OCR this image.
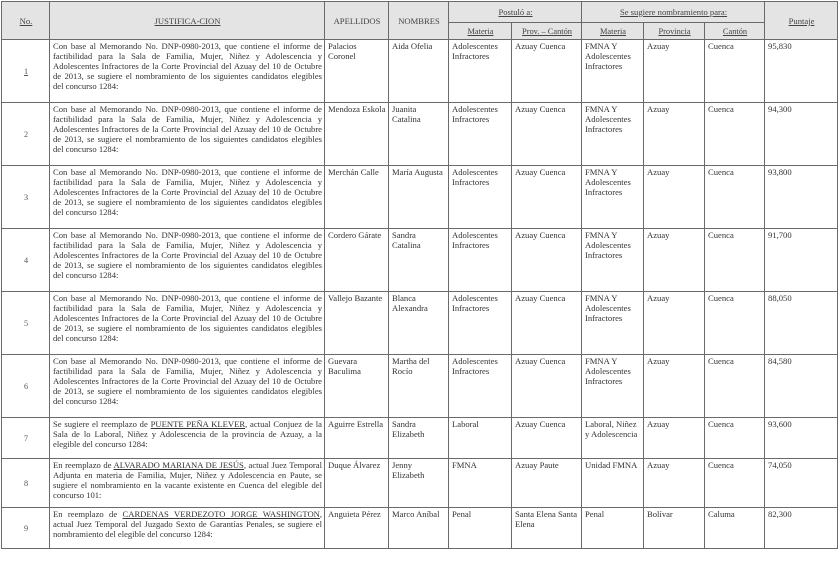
No.	JUSTIFICA-CION	APELLIDOS	NOMBRES	Postuló a:		Se sugiere nombramiento para:			Puntaje
				Materia	Prov. – Cantón	Materia	Provincia	Cantón	
1	Con base al Memorando No. DNP-0980-2013, que contiene el informe de factibilidad para la Sala de Familia, Mujer, Niñez y Adolescencia y Adolescentes Infractores de la Corte Provincial del Azuay del 10 de Octubre de 2013, se sugiere el nombramiento de los siguientes candidatos elegibles del concurso 1284:	Palacios Coronel	Aida Ofelia	Adolescentes Infractores	Azuay Cuenca	FMNA Y Adolescentes Infractores	Azuay	Cuenca	95,830
2	Con base al Memorando No. DNP-0980-2013, que contiene el informe de factibilidad para la Sala de Familia, Mujer, Niñez y Adolescencia y Adolescentes Infractores de la Corte Provincial del Azuay del 10 de Octubre de 2013, se sugiere el nombramiento de los siguientes candidatos elegibles del concurso 1284:	Mendoza Eskola	Juanita Catalina	Adolescentes Infractores	Azuay Cuenca	FMNA Y Adolescentes Infractores	Azuay	Cuenca	94,300
3	Con base al Memorando No. DNP-0980-2013, que contiene el informe de factibilidad para la Sala de Familia, Mujer, Niñez y Adolescencia y Adolescentes Infractores de la Corte Provincial del Azuay del 10 de Octubre de 2013, se sugiere el nombramiento de los siguientes candidatos elegibles del concurso 1284:	Merchán Calle	María Augusta	Adolescentes Infractores	Azuay Cuenca	FMNA Y Adolescentes Infractores	Azuay	Cuenca	93,800
4	Con base al Memorando No. DNP-0980-2013, que contiene el informe de factibilidad para la Sala de Familia, Mujer, Niñez y Adolescencia y Adolescentes Infractores de la Corte Provincial del Azuay del 10 de Octubre de 2013, se sugiere el nombramiento de los siguientes candidatos elegibles del concurso 1284:	Cordero Gárate	Sandra Catalina	Adolescentes Infractores	Azuay Cuenca	FMNA Y Adolescentes Infractores	Azuay	Cuenca	91,700
5	Con base al Memorando No. DNP-0980-2013, que contiene el informe de factibilidad para la Sala de Familia, Mujer, Niñez y Adolescencia y Adolescentes Infractores de la Corte Provincial del Azuay del 10 de Octubre de 2013, se sugiere el nombramiento de los siguientes candidatos elegibles del concurso 1284:	Vallejo Bazante	Blanca Alexandra	Adolescentes Infractores	Azuay Cuenca	FMNA Y Adolescentes Infractores	Azuay	Cuenca	88,050
6	Con base al Memorando No. DNP-0980-2013, que contiene el informe de factibilidad para la Sala de Familia, Mujer, Niñez y Adolescencia y Adolescentes Infractores de la Corte Provincial del Azuay del 10 de Octubre de 2013, se sugiere el nombramiento de los siguientes candidatos elegibles del concurso 1284:	Guevara Baculima	Martha del Rocío	Adolescentes Infractores	Azuay Cuenca	FMNA Y Adolescentes Infractores	Azuay	Cuenca	84,580
7	Se sugiere el reemplazo de PUENTE PEÑA KLEVER, actual Conjuez de la Sala de lo Laboral, Niñez y Adolescencia de la provincia de Azuay, a la elegible del concurso 1284:	Aguirre Estrella	Sandra Elizabeth	Laboral	Azuay Cuenca	Laboral, Niñez y Adolescencia	Azuay	Cuenca	93,600
8	En reemplazo de ALVARADO MARIANA DE JESÚS, actual Juez Temporal Adjunta en materia de Familia, Mujer, Niñez y Adolescencia en Paute, se sugiere el nombramiento en la vacante existente en Cuenca del elegible del concurso 101:	Duque Álvarez	Jenny Elizabeth	FMNA	Azuay Paute	Unidad FMNA	Azuay	Cuenca	74,050
9	En reemplazo de CARDENAS VERDEZOTO JORGE WASHINGTON, actual Juez Temporal del Juzgado Sexto de Garantías Penales, se sugiere el nombramiento del elegible del concurso 1284:	Anguieta Pérez	Marco Aníbal	Penal	Santa Elena Santa Elena	Penal	Bolívar	Caluma	82,300
